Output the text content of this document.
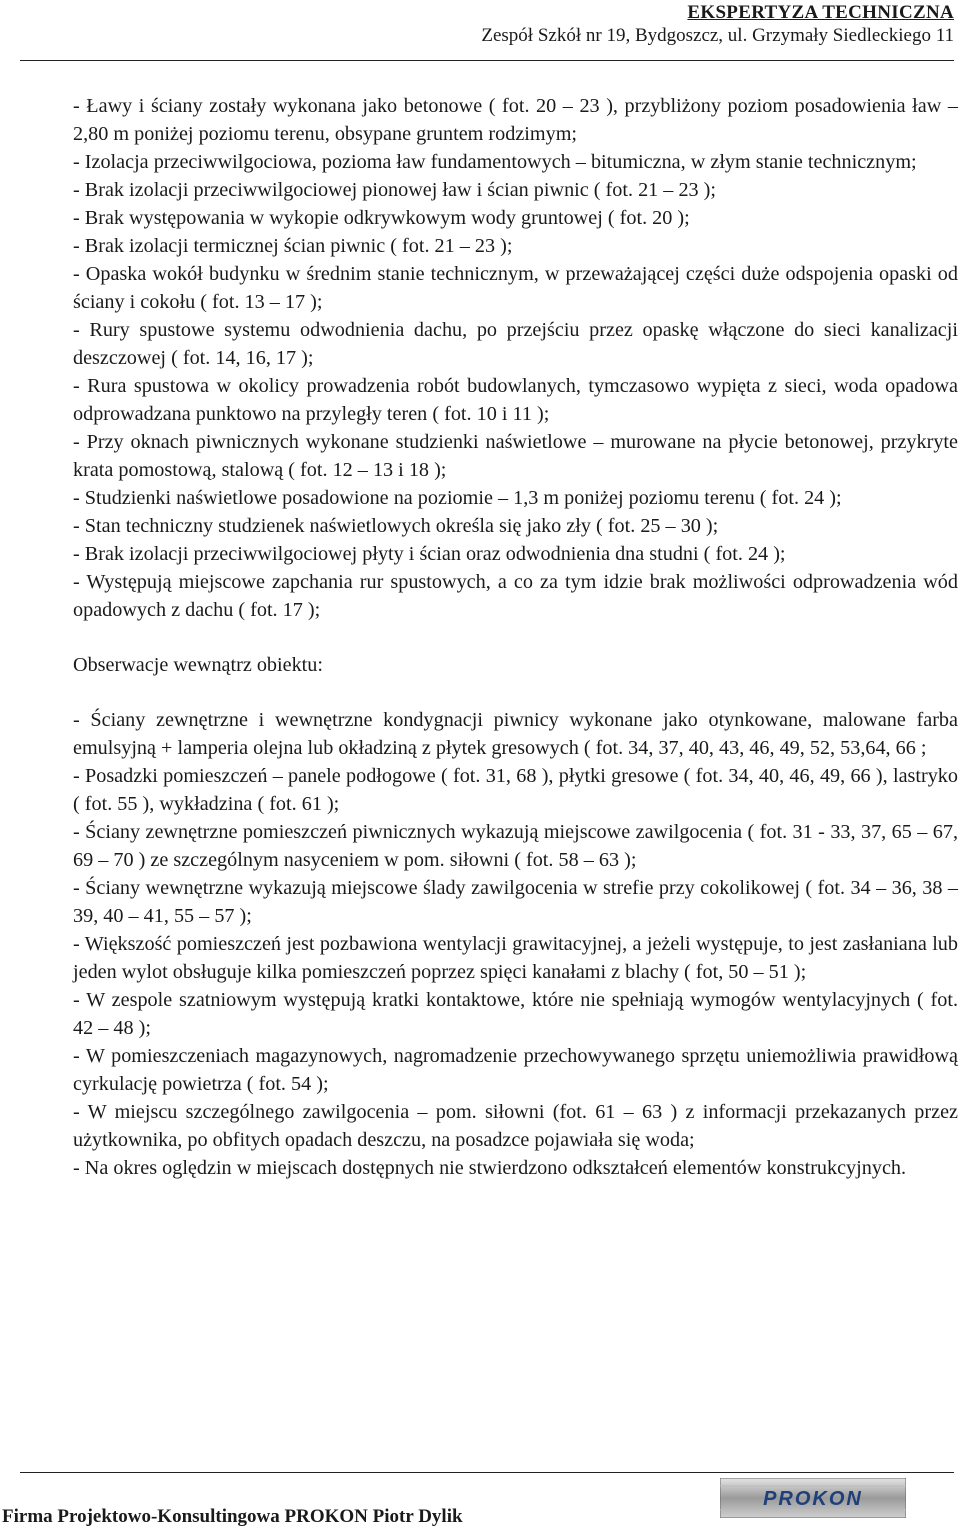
EKSPERTYZA TECHNICZNA
Zespół Szkół nr 19, Bydgoszcz, ul. Grzymały Siedleckiego 11

- Ławy i ściany zostały wykonana jako betonowe ( fot. 20 – 23 ), przybliżony poziom posadowienia ław – 2,80 m poniżej poziomu terenu, obsypane gruntem rodzimym;

- Izolacja przeciwwilgociowa, pozioma ław fundamentowych – bitumiczna, w złym stanie technicznym;

- Brak izolacji przeciwwilgociowej pionowej ław i ścian piwnic ( fot. 21 – 23 );

- Brak występowania w wykopie odkrywkowym wody gruntowej ( fot. 20 );

- Brak izolacji termicznej ścian piwnic ( fot. 21 – 23 );

- Opaska wokół budynku w średnim stanie technicznym, w przeważającej części duże odspojenia opaski od ściany i cokołu ( fot. 13 – 17 );

- Rury spustowe systemu odwodnienia dachu, po przejściu przez opaskę włączone do sieci kanalizacji deszczowej ( fot. 14, 16, 17 );

- Rura spustowa w okolicy prowadzenia robót budowlanych, tymczasowo wypięta z sieci, woda opadowa odprowadzana punktowo na przyległy teren ( fot. 10 i 11 );

- Przy oknach piwnicznych wykonane studzienki naświetlowe – murowane na płycie betonowej, przykryte krata pomostową, stalową ( fot. 12 – 13 i 18 );

- Studzienki naświetlowe posadowione na poziomie – 1,3 m poniżej poziomu terenu ( fot. 24 );

- Stan techniczny studzienek naświetlowych określa się jako zły ( fot. 25 – 30 );

- Brak izolacji przeciwwilgociowej płyty i ścian oraz odwodnienia dna studni ( fot. 24 );

- Występują miejscowe zapchania rur spustowych, a co za tym idzie brak możliwości odprowadzenia wód opadowych z dachu ( fot. 17 );

Obserwacje wewnątrz obiektu:

- Ściany zewnętrzne i wewnętrzne kondygnacji piwnicy wykonane jako otynkowane, malowane farba emulsyjną + lamperia olejna lub okładziną z płytek gresowych ( fot. 34, 37, 40, 43, 46, 49, 52, 53,64, 66 ;

- Posadzki pomieszczeń – panele podłogowe ( fot. 31, 68 ), płytki gresowe ( fot. 34, 40, 46, 49, 66 ), lastryko ( fot. 55 ), wykładzina ( fot. 61 );

- Ściany zewnętrzne pomieszczeń piwnicznych wykazują miejscowe zawilgocenia ( fot. 31 - 33, 37, 65 – 67, 69 – 70 ) ze szczególnym nasyceniem w pom. siłowni ( fot. 58 – 63 );

- Ściany wewnętrzne wykazują miejscowe ślady zawilgocenia w strefie przy cokolikowej ( fot. 34 – 36, 38 – 39, 40 – 41, 55 – 57 );

- Większość pomieszczeń jest pozbawiona wentylacji grawitacyjnej, a jeżeli występuje, to jest zasłaniana lub jeden wylot obsługuje kilka pomieszczeń poprzez spięci kanałami z blachy ( fot, 50 – 51 );

- W zespole szatniowym występują kratki kontaktowe, które nie spełniają wymogów wentylacyjnych ( fot. 42 – 48 );

- W pomieszczeniach magazynowych, nagromadzenie przechowywanego sprzętu uniemożliwia prawidłową cyrkulację powietrza ( fot. 54 );

- W miejscu szczególnego zawilgocenia – pom. siłowni (fot. 61 – 63 ) z informacji przekazanych przez użytkownika, po obfitych opadach deszczu, na posadzce pojawiała się woda;

- Na okres oględzin w miejscach dostępnych nie stwierdzono odkształceń elementów konstrukcyjnych.

Firma Projektowo-Konsultingowa PROKON Piotr Dylik
PROKON
